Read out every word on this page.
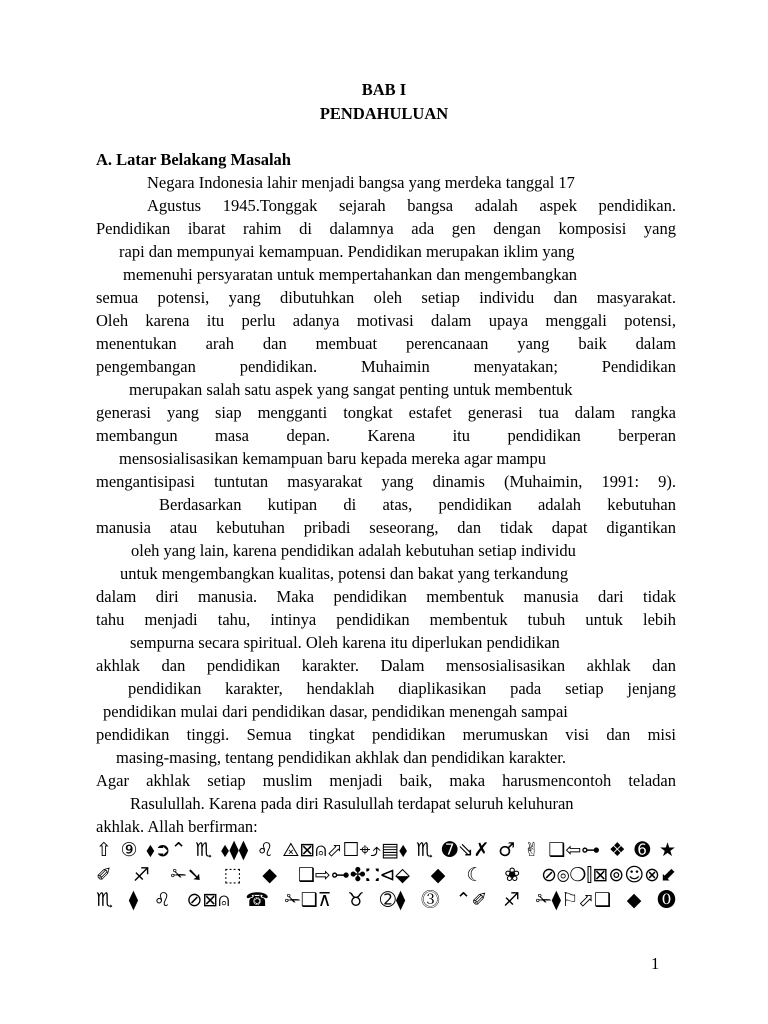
BAB I
PENDAHULUAN
A. Latar Belakang Masalah
Negara Indonesia lahir menjadi bangsa yang merdeka tanggal 17
Agustus 1945.Tonggak sejarah bangsa adalah aspek pendidikan.
Pendidikan ibarat rahim di dalamnya ada gen dengan komposisi yang
rapi dan mempunyai kemampuan. Pendidikan merupakan iklim yang
memenuhi persyaratan untuk mempertahankan dan mengembangkan
semua potensi, yang dibutuhkan oleh setiap individu dan masyarakat.
Oleh karena itu perlu adanya motivasi dalam upaya menggali potensi,
menentukan arah dan membuat perencanaan yang baik dalam
pengembangan pendidikan. Muhaimin menyatakan; Pendidikan
merupakan salah satu aspek yang sangat penting untuk membentuk
generasi yang siap mengganti tongkat estafet generasi tua dalam rangka
membangun masa depan. Karena itu pendidikan berperan
mensosialisasikan kemampuan baru kepada mereka agar mampu
mengantisipasi tuntutan masyarakat yang dinamis (Muhaimin, 1991: 9).
Berdasarkan kutipan di atas, pendidikan adalah kebutuhan
manusia atau kebutuhan pribadi seseorang, dan tidak dapat digantikan
oleh yang lain, karena pendidikan adalah kebutuhan setiap individu
untuk mengembangkan kualitas, potensi dan bakat yang terkandung
dalam diri manusia. Maka pendidikan membentuk manusia dari tidak
tahu menjadi tahu, intinya pendidikan membentuk tubuh untuk lebih
sempurna secara spiritual. Oleh karena itu diperlukan pendidikan
akhlak dan pendidikan karakter. Dalam mensosialisasikan akhlak dan
pendidikan karakter, hendaklah diaplikasikan pada setiap jenjang
pendidikan mulai dari pendidikan dasar, pendidikan menengah sampai
pendidikan tinggi. Semua tingkat pendidikan merumuskan visi dan misi
masing-masing, tentang pendidikan akhlak dan pendidikan karakter.
Agar akhlak setiap muslim menjadi baik, maka harusmencontoh teladan
Rasulullah. Karena pada diri Rasulullah terdapat seluruh keluhuran
akhlak. Allah berfirman:
⇧⑨⬧➲⌃♏⬧⧫⧫♌⨻⊠⍝⬀☐⌖⤴▤⬧♏➐⇘✗♂✌❑⇦⊶❖➏★
✐♐✁➘⬚◆❑⇨⊶✤⛚⊲⬙◆☾❀⊘⦾❍⫿⊠⊚☺⊗⬋
♏⧫♌⊘⊠⍝☎✁❑⊼♉➁⧫⓷⌃✐♐✁⧫⚐⬀❑◆⓿
1
